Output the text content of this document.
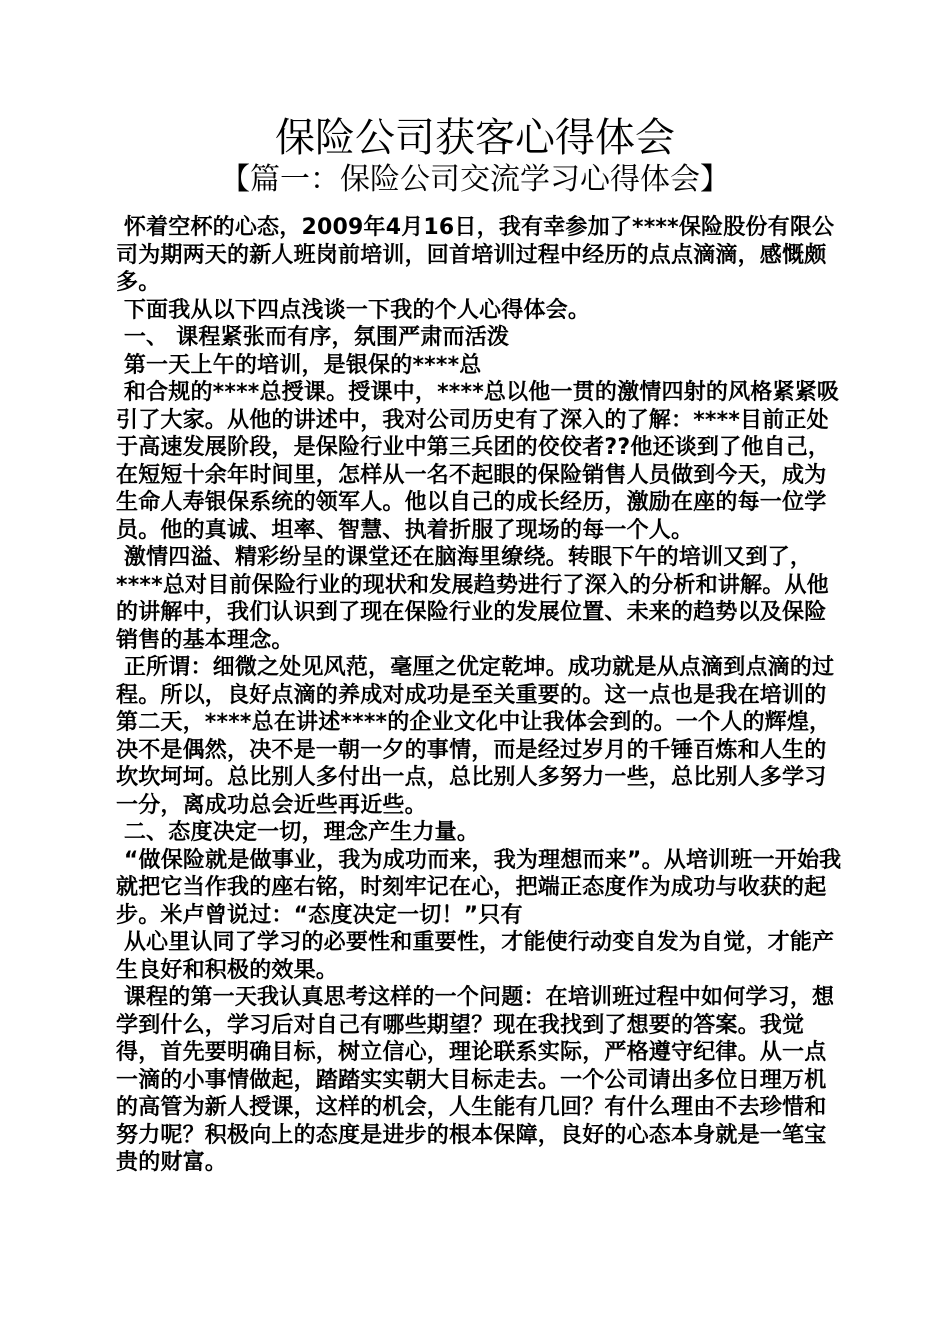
保险公司获客心得体会
【篇一：保险公司交流学习心得体会】

怀着空杯的心态，2009年4月16日，我有幸参加了****保险股份有限公司为期两天的新人班岗前培训，回首培训过程中经历的点点滴滴，感慨颇多。

下面我从以下四点浅谈一下我的个人心得体会。

一、 课程紧张而有序，氛围严肃而活泼

第一天上午的培训，是银保的****总

和合规的****总授课。授课中，****总以他一贯的激情四射的风格紧紧吸引了大家。从他的讲述中，我对公司历史有了深入的了解：****目前正处于高速发展阶段，是保险行业中第三兵团的佼佼者??他还谈到了他自己，在短短十余年时间里，怎样从一名不起眼的保险销售人员做到今天，成为生命人寿银保系统的领军人。他以自己的成长经历，激励在座的每一位学员。他的真诚、坦率、智慧、执着折服了现场的每一个人。

激情四溢、精彩纷呈的课堂还在脑海里缭绕。转眼下午的培训又到了，****总对目前保险行业的现状和发展趋势进行了深入的分析和讲解。从他的讲解中，我们认识到了现在保险行业的发展位置、未来的趋势以及保险销售的基本理念。

正所谓：细微之处见风范，毫厘之优定乾坤。成功就是从点滴到点滴的过程。所以，良好点滴的养成对成功是至关重要的。这一点也是我在培训的第二天，****总在讲述****的企业文化中让我体会到的。一个人的辉煌，决不是偶然，决不是一朝一夕的事情，而是经过岁月的千锤百炼和人生的坎坎坷坷。总比别人多付出一点，总比别人多努力一些，总比别人多学习一分，离成功总会近些再近些。

二、态度决定一切，理念产生力量。

“做保险就是做事业，我为成功而来，我为理想而来”。从培训班一开始我就把它当作我的座右铭，时刻牢记在心，把端正态度作为成功与收获的起步。米卢曾说过：“态度决定一切！”只有

从心里认同了学习的必要性和重要性，才能使行动变自发为自觉，才能产生良好和积极的效果。

课程的第一天我认真思考这样的一个问题：在培训班过程中如何学习，想学到什么，学习后对自己有哪些期望？现在我找到了想要的答案。我觉得，首先要明确目标，树立信心，理论联系实际，严格遵守纪律。从一点一滴的小事情做起，踏踏实实朝大目标走去。一个公司请出多位日理万机的高管为新人授课，这样的机会，人生能有几回？有什么理由不去珍惜和努力呢？积极向上的态度是进步的根本保障，良好的心态本身就是一笔宝贵的财富。
